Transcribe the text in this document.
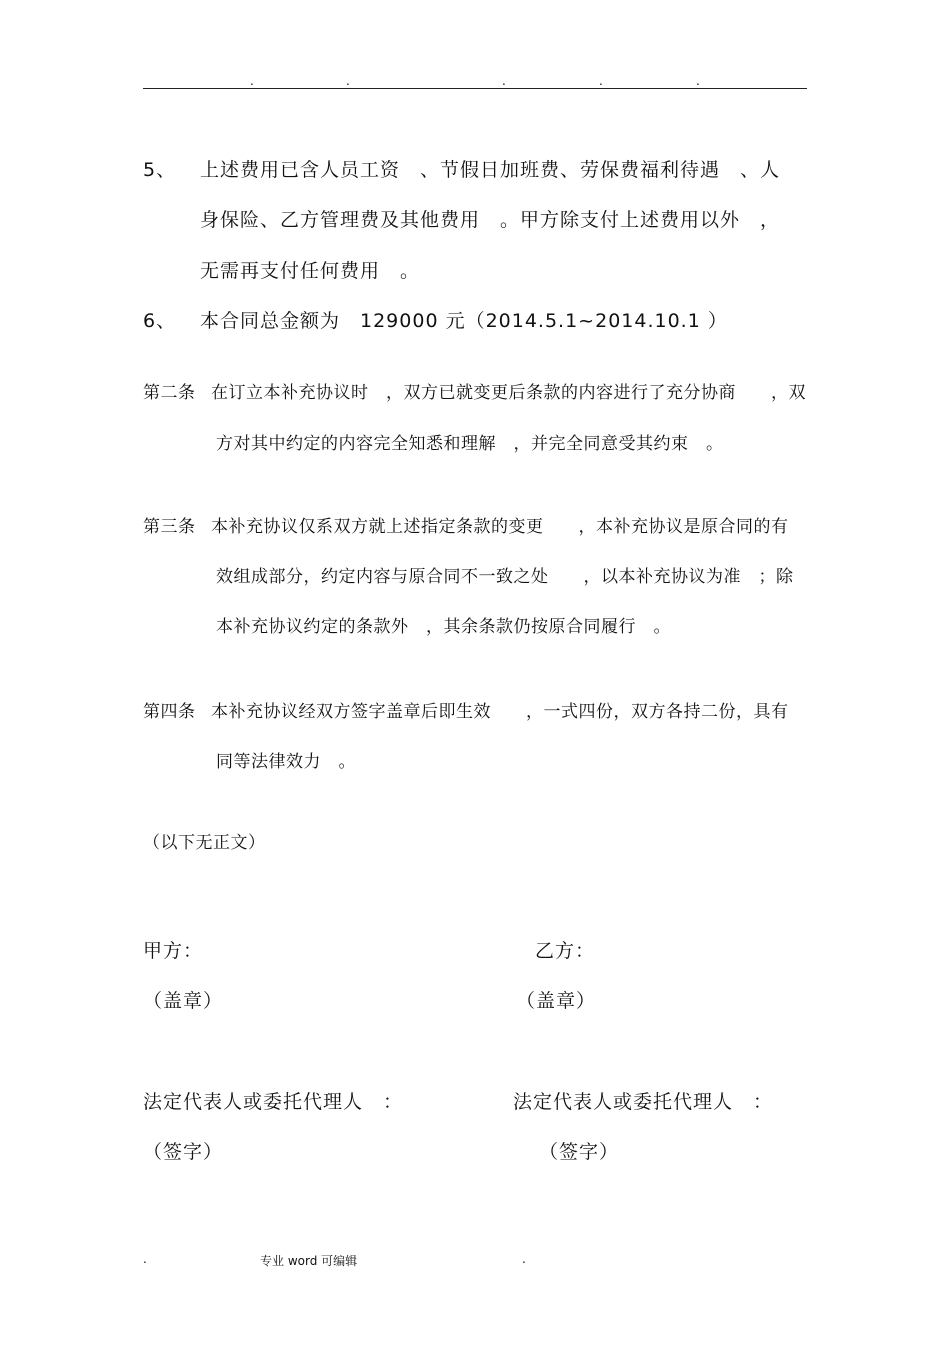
.	.	.	.	.
5、 上述费用已含人员工资　、节假日加班费、劳保费福利待遇　、人
身保险、乙方管理费及其他费用　。甲方除支付上述费用以外　，
无需再支付任何费用　。
6、 本合同总金额为　129000 元（2014.5.1~2014.10.1 ）
第二条 在订立本补充协议时　，双方已就变更后条款的内容进行了充分协商　　，双
方对其中约定的内容完全知悉和理解　，并完全同意受其约束　。
第三条 本补充协议仅系双方就上述指定条款的变更　　，本补充协议是原合同的有
效组成部分，约定内容与原合同不一致之处　　，以本补充协议为准　；除
本补充协议约定的条款外　，其余条款仍按原合同履行　。
第四条 本补充协议经双方签字盖章后即生效　　，一式四份，双方各持二份，具有
同等法律效力　。
（以下无正文）
甲方：	乙方：
（盖章）	（盖章）
法定代表人或委托代理人　：	法定代表人或委托代理人　：
（签字）	（签字）
.	专业 word 可编辑	.
